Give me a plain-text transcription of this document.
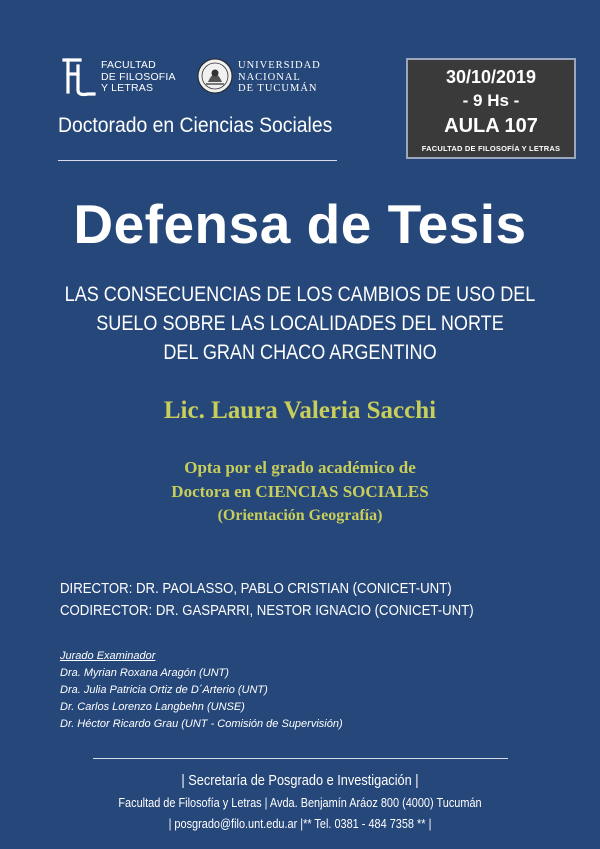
FACULTAD
DE FILOSOFIA
Y LETRAS
UNIVERSIDAD
NACIONAL
DE TUCUMÁN
Doctorado en Ciencias Sociales
30/10/2019
- 9 Hs -
AULA 107
FACULTAD DE FILOSOFÍA Y LETRAS
Defensa de Tesis
LAS CONSECUENCIAS DE LOS CAMBIOS DE USO DEL
SUELO SOBRE LAS LOCALIDADES DEL NORTE
DEL GRAN CHACO ARGENTINO
Lic. Laura Valeria Sacchi
Opta por el grado académico de
Doctora en CIENCIAS SOCIALES
(Orientación Geografía)
DIRECTOR: DR. PAOLASSO, PABLO CRISTIAN (CONICET-UNT)
CODIRECTOR: DR. GASPARRI, NESTOR IGNACIO (CONICET-UNT)
Jurado Examinador
Dra. Myrian Roxana Aragón (UNT)
Dra. Julia Patricia Ortiz de D´Arterio (UNT)
Dr. Carlos Lorenzo Langbehn (UNSE)
Dr. Héctor Ricardo Grau (UNT - Comisión de Supervisión)
| Secretaría de Posgrado e Investigación |
Facultad de Filosofía y Letras | Avda. Benjamín Aráoz 800 (4000) Tucumán
| posgrado@filo.unt.edu.ar |** Tel. 0381 - 484 7358 ** |
